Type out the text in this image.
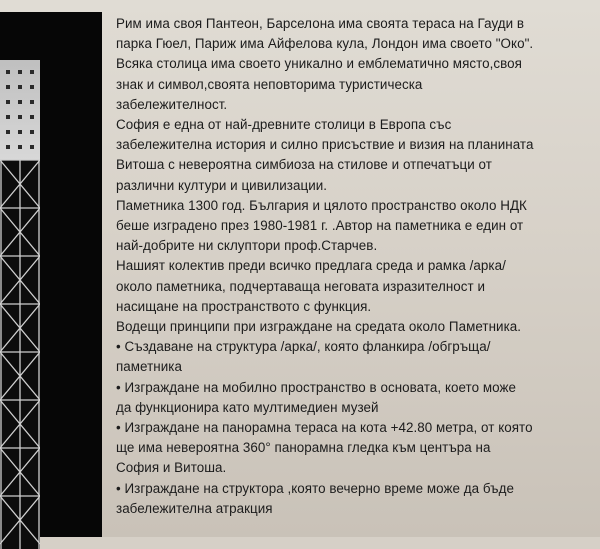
Рим има своя Пантеон, Барселона има своята тераса на Гауди в
парка Гюел, Париж има Айфелова кула, Лондон има своето "Око".
Всяка столица има своето уникално и емблематично място,своя
знак и символ,своята неповторима туристическа
забележителност.
София е една от най-древните столици в Европа със
забележителна история и силно присъствие и визия на планината
Витоша с невероятна симбиоза на стилове и отпечатъци от
различни култури и цивилизации.
Паметника 1300 год. България и цялото пространство около НДК
беше изградено през 1980-1981 г. .Автор на паметника е един от
най-добрите ни склуптори проф.Старчев.
Нашият колектив преди всичко предлага среда и рамка /арка/
около паметника, подчертаваща неговата изразителност и
насищане на пространството с функция.
Водещи принципи при изграждане на средата около Паметника.
• Създаване на структура /арка/, която фланкира /обгръща/
паметника
• Изграждане на мобилно пространство в основата, което може
да функционира като мултимедиен музей
• Изграждане на панорамна тераса на кота +42.80 метра, от която
ще има невероятна 360° панорамна гледка към центъра на
София и Витоша.
• Изграждане на структора ,която вечерно време може да бъде
забележителна атракция
